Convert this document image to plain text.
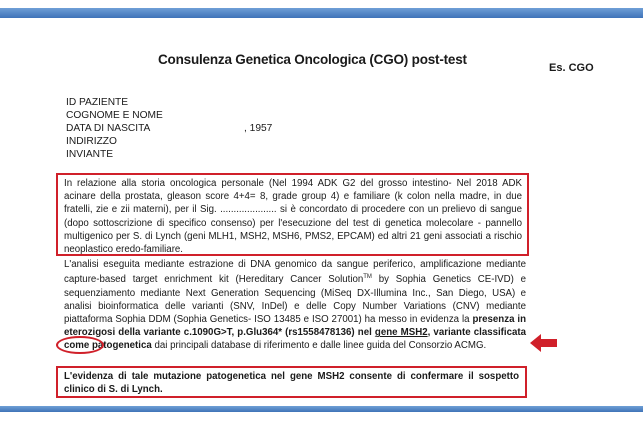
Consulenza Genetica Oncologica (CGO) post-test
Es. CGO
ID PAZIENTE
COGNOME E NOME
DATA DI NASCITA	, 1957
INDIRIZZO
INVIANTE
In relazione alla storia oncologica personale (Nel 1994 ADK G2 del grosso intestino- Nel 2018 ADK acinare della prostata, gleason score 4+4= 8, grade group 4) e familiare (k colon nella madre, in due fratelli, zie e zii materni), per il Sig. ..................... si è concordato di procedere con un prelievo di sangue (dopo sottoscrizione di specifico consenso) per l'esecuzione del test di genetica molecolare - pannello multigenico per S. di Lynch (geni MLH1, MSH2, MSH6, PMS2, EPCAM) ed altri 21 geni associati a rischio neoplastico eredo-familiare.
L'analisi eseguita mediante estrazione di DNA genomico da sangue periferico, amplificazione mediante capture-based target enrichment kit (Hereditary Cancer Solution™ by Sophia Genetics CE-IVD) e sequenziamento mediante Next Generation Sequencing (MiSeq DX-Illumina Inc., San Diego, USA) e analisi bioinformatica delle varianti (SNV, InDel) e delle Copy Number Variations (CNV) mediante piattaforma Sophia DDM (Sophia Genetics- ISO 13485 e ISO 27001) ha messo in evidenza la presenza in eterozigosi della variante c.1090G>T, p.Glu364* (rs1558478136) nel gene MSH2, variante classificata come patogenetica dai principali database di riferimento e dalle linee guida del Consorzio ACMG.
L'evidenza di tale mutazione patogenetica nel gene MSH2 consente di confermare il sospetto clinico di S. di Lynch.
